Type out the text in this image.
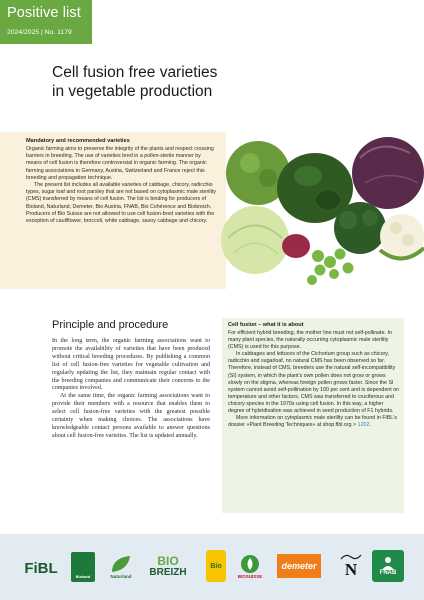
Positive list
2024/2025 | No. 1179
Cell fusion free varieties
in vegetable production
Mandatory and recommended varieties

Organic farming aims to preserve the integrity of the plants and respect crossing barriers in breeding. The use of varieties bred in a pollen-sterile manner by means of cell fusion is therefore controversial in organic farming. The organic farming associations in Germany, Austria, Switzerland and France reject this breeding and propagation technique.

The present list includes all available varieties of cabbage, chicory, radicchio types, sugar loaf and root parsley that are not based on cytoplasmic male sterility (CMS) transferred by means of cell fusion. The list is binding for producers of Bioland, Naturland, Demeter, Bio Austria, FNAB, Bio Cohérence and Biobreizh. Producers of Bio Suisse are not allowed to use cell fusion-bred varieties with the exception of cauliflower, broccoli, white cabbage, savoy cabbage and chicory.

Principle and procedure

In the long term, the organic farming associations want to promote the availability of varieties that have been produced without critical breeding procedures. By publishing a common list of cell fusion-free varieties for vegetable cultivation and regularly updating the list, they maintain regular contact with the breeding companies and communicate their concerns to the companies involved.

At the same time, the organic farming associations want to provide their members with a resource that enables them to select cell fusion-free varieties with the greatest possible certainty when making choices. The associations have knowledgeable contact persons available to answer questions about cell fusion-free varieties. The list is updated annually.

Cell fusion – what it is about

For efficient hybrid breeding, the mother line must not self-pollinate. In many plant species, the naturally occurring cytoplasmic male sterility (CMS) is used for this purpose.

In cabbages and lettuces of the Cichorium group such as chicory, radicchio and sugarloaf, no natural CMS has been observed so far. Therefore, instead of CMS, breeders use the natural self-incompatibility (SI) system, in which the plant's own pollen does not grow or grows slowly on the stigma, whereas foreign pollen grows faster. Since the SI system cannot avoid self-pollination by 100 per cent and is dependent on temperature and other factors, CMS was transferred to cruciferous and chicory species in the 1970s using cell fusion. In this way, a higher degree of hybridisation was achieved in seed production of F1 hybrids.

More information on cytoplasmic male sterility can be found in FiBL's dossier «Plant Breeding Techniques» at shop.fibl.org > 1202.

FiBL	Bioland	Naturland
BIO
BREIZH
Bio
BIOSUISSE
demeter N	FNAB
